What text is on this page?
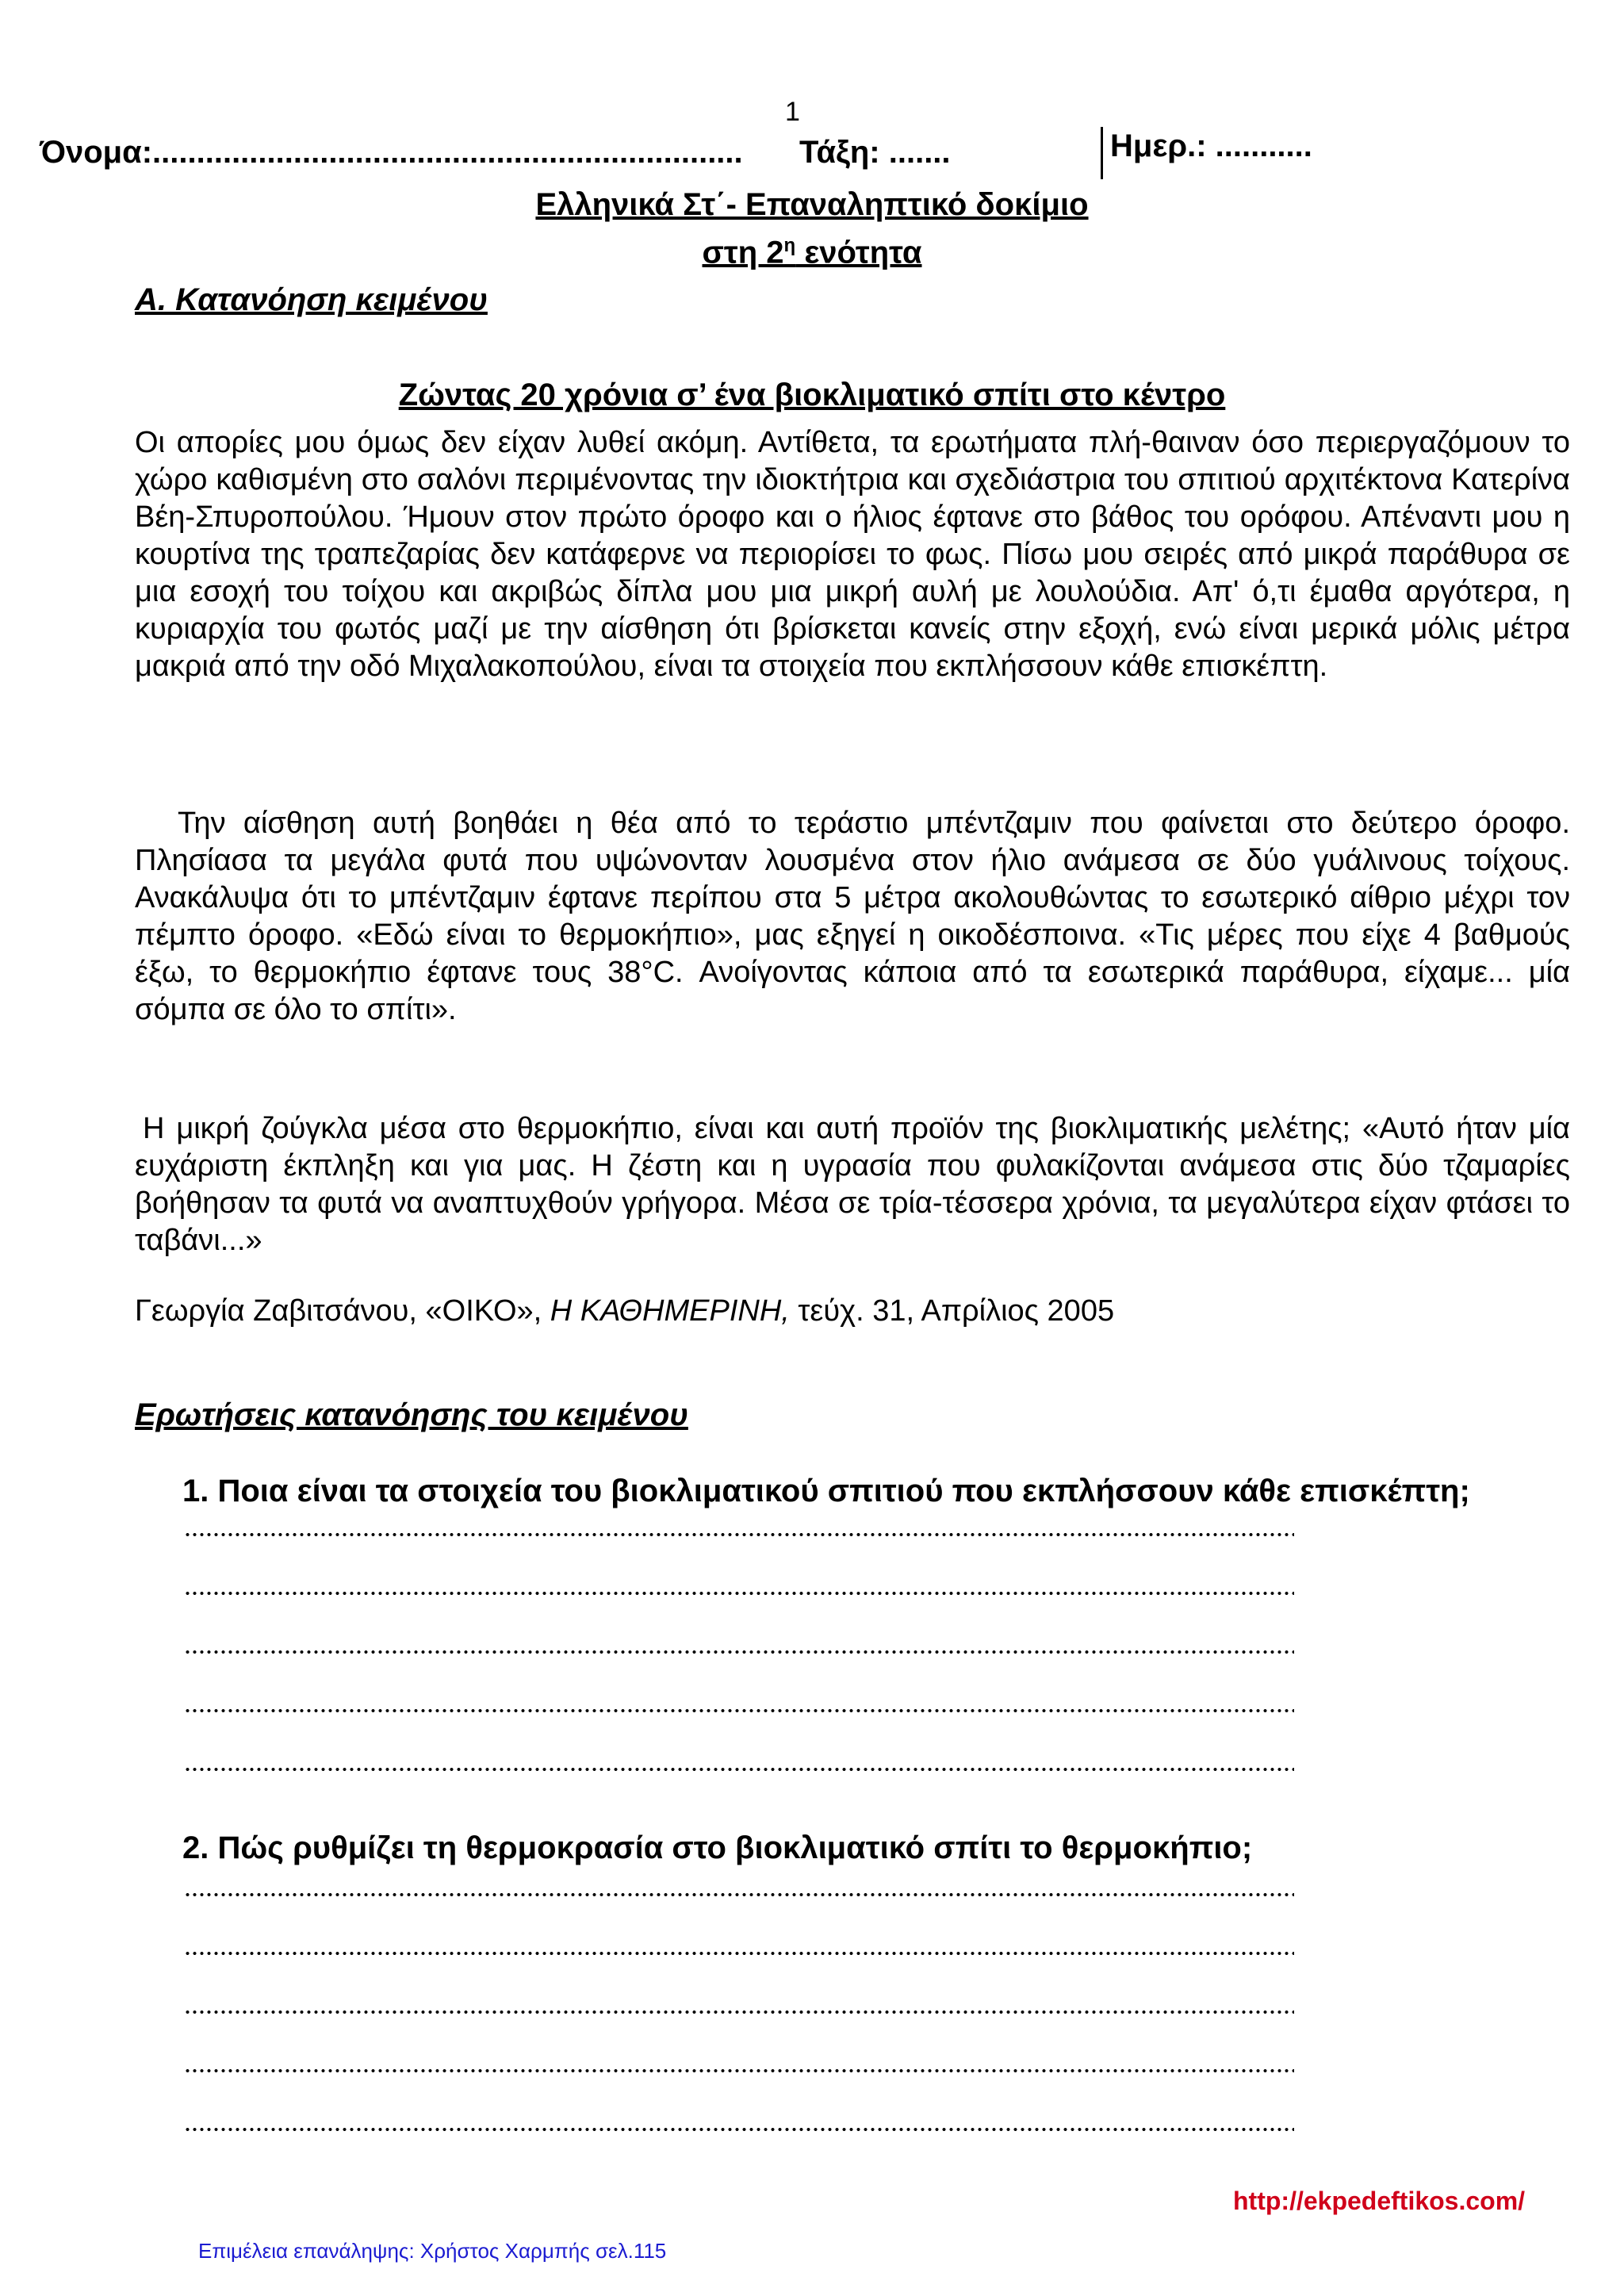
1
Όνομα:................................................................... Τάξη: .......	Ημερ.: ...........
Ελληνικά Στ΄- Επαναληπτικό δοκίμιο
στη $2^\eta$ ενότητα
Α. Κατανόηση κειμένου
Ζώντας 20 χρόνια σ’ ένα βιοκλιματικό σπίτι στο κέντρο

Οι απορίες μου όμως δεν είχαν λυθεί ακόμη. Αντίθετα, τα ερωτήματα πλή-θαιναν όσο περιεργαζόμουν το χώρο καθισμένη στο σαλόνι περιμένοντας την ιδιοκτήτρια και σχεδιάστρια του σπιτιού αρχιτέκτονα Κατερίνα Βέη-Σπυροπούλου. Ήμουν στον πρώτο όροφο και ο ήλιος έφτανε στο βάθος του ορόφου. Απέναντι μου η κουρτίνα της τραπεζαρίας δεν κατάφερνε να περιορίσει το φως. Πίσω μου σειρές από μικρά παράθυρα σε μια εσοχή του τοίχου και ακριβώς δίπλα μου μια μικρή αυλή με λουλούδια. Απ' ό,τι έμαθα αργότερα, η κυριαρχία του φωτός μαζί με την αίσθηση ότι βρίσκεται κανείς στην εξοχή, ενώ είναι μερικά μόλις μέτρα μακριά από την οδό Μιχαλακοπούλου, είναι τα στοιχεία που εκπλήσσουν κάθε επισκέπτη.

Την αίσθηση αυτή βοηθάει η θέα από το τεράστιο μπέντζαμιν που φαίνεται στο δεύτερο όροφο. Πλησίασα τα μεγάλα φυτά που υψώνονταν λουσμένα στον ήλιο ανάμεσα σε δύο γυάλινους τοίχους. Ανακάλυψα ότι το μπέντζαμιν έφτανε περίπου στα 5 μέτρα ακολουθώντας το εσωτερικό αίθριο μέχρι τον πέμπτο όροφο. «Εδώ είναι το θερμοκήπιο», μας εξηγεί η οικοδέσποινα. «Τις μέρες που είχε 4 βαθμούς έξω, το θερμοκήπιο έφτανε τους 38°C. Ανοίγοντας κάποια από τα εσωτερικά παράθυρα, είχαμε... μία σόμπα σε όλο το σπίτι».

Η μικρή ζούγκλα μέσα στο θερμοκήπιο, είναι και αυτή προϊόν της βιοκλιματικής μελέτης; «Αυτό ήταν μία ευχάριστη έκπληξη και για μας. Η ζέστη και η υγρασία που φυλακίζονται ανάμεσα στις δύο τζαμαρίες βοήθησαν τα φυτά να αναπτυχθούν γρήγορα. Μέσα σε τρία-τέσσερα χρόνια, τα μεγαλύτερα είχαν φτάσει το ταβάνι...»

Γεωργία Ζαβιτσάνου, «ΟΙΚΟ», Η ΚΑΘΗΜΕΡΙΝΗ, τεύχ. 31, Απρίλιος 2005
Ερωτήσεις κατανόησης του κειμένου
1. Ποια είναι τα στοιχεία του βιοκλιματικού σπιτιού που εκπλήσσουν κάθε επισκέπτη;
2. Πώς ρυθμίζει τη θερμοκρασία στο βιοκλιματικό σπίτι το θερμοκήπιο;
http://ekpedeftikos.com/
Επιμέλεια επανάληψης: Χρήστος Χαρμπής σελ.115
